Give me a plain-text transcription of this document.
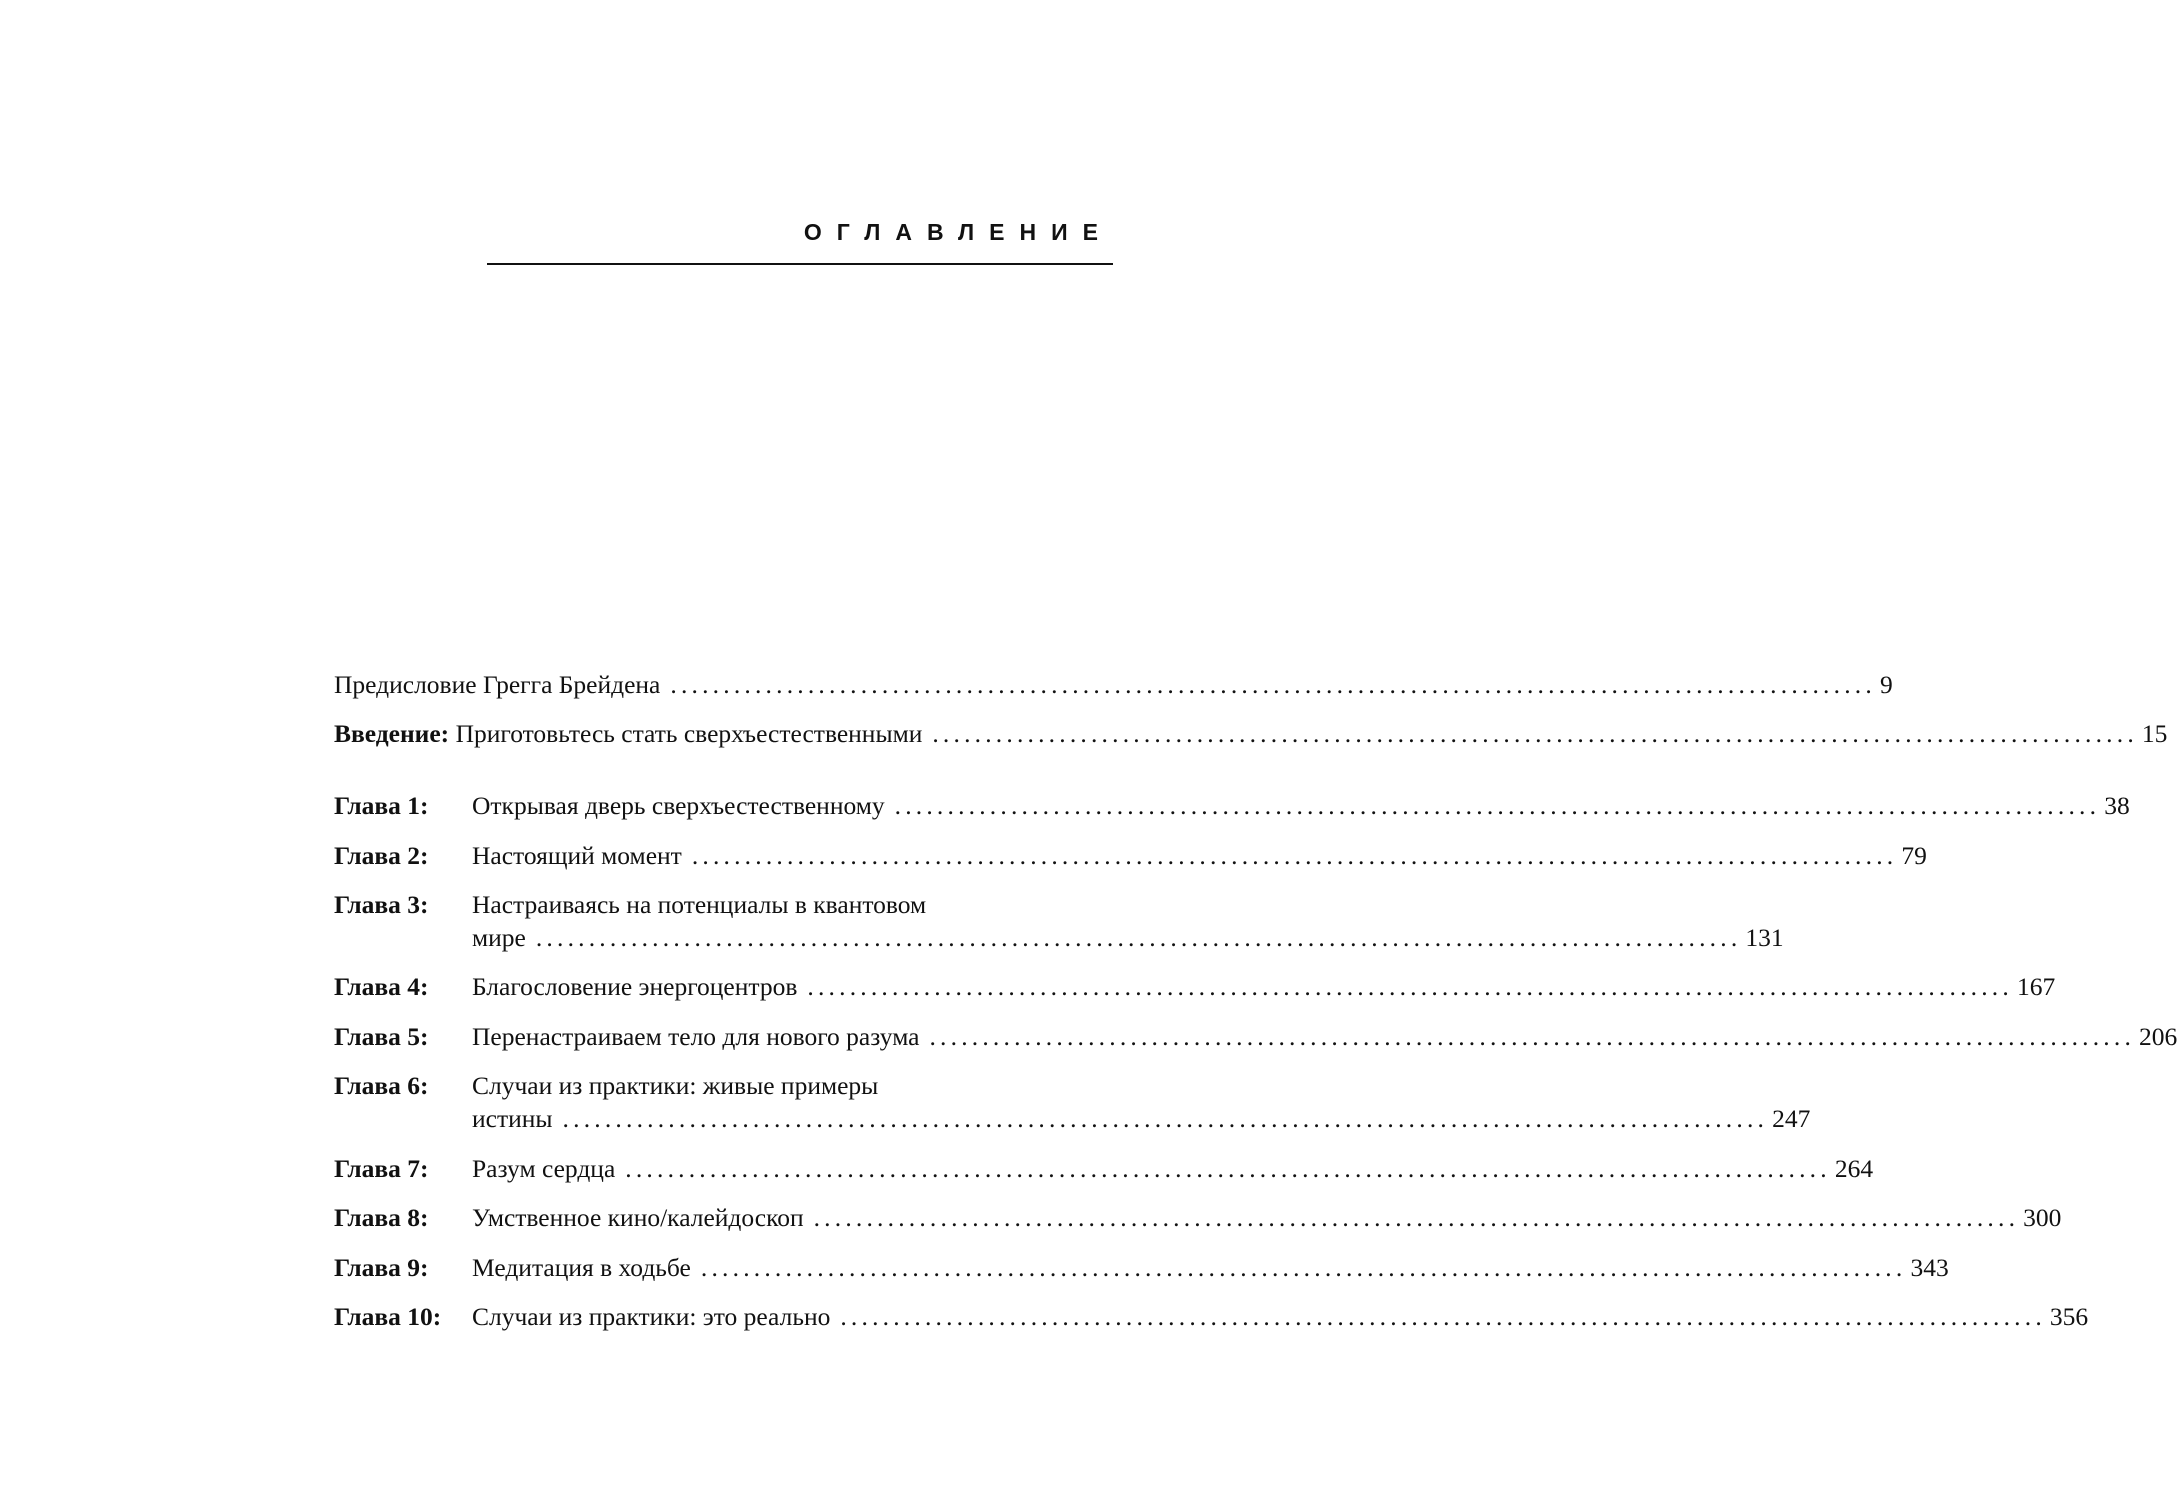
ОГЛАВЛЕНИЕ
Предисловие Грегга Брейдена .................................................................................................................. 9
Введение: Приготовьтесь стать сверхъестественными .................................................................................................................. 15
Глава 1: Открывая дверь сверхъестественному .................................................................................................................. 38
Глава 2: Настоящий момент .................................................................................................................. 79
Глава 3: Настраиваясь на потенциалы в квантовом
мире .................................................................................................................. 131
Глава 4: Благословение энергоцентров .................................................................................................................. 167
Глава 5: Перенастраиваем тело для нового разума .................................................................................................................. 206
Глава 6: Случаи из практики: живые примеры
истины .................................................................................................................. 247
Глава 7: Разум сердца .................................................................................................................. 264
Глава 8: Умственное кино/калейдоскоп .................................................................................................................. 300
Глава 9: Медитация в ходьбе .................................................................................................................. 343
Глава 10: Случаи из практики: это реально .................................................................................................................. 356
